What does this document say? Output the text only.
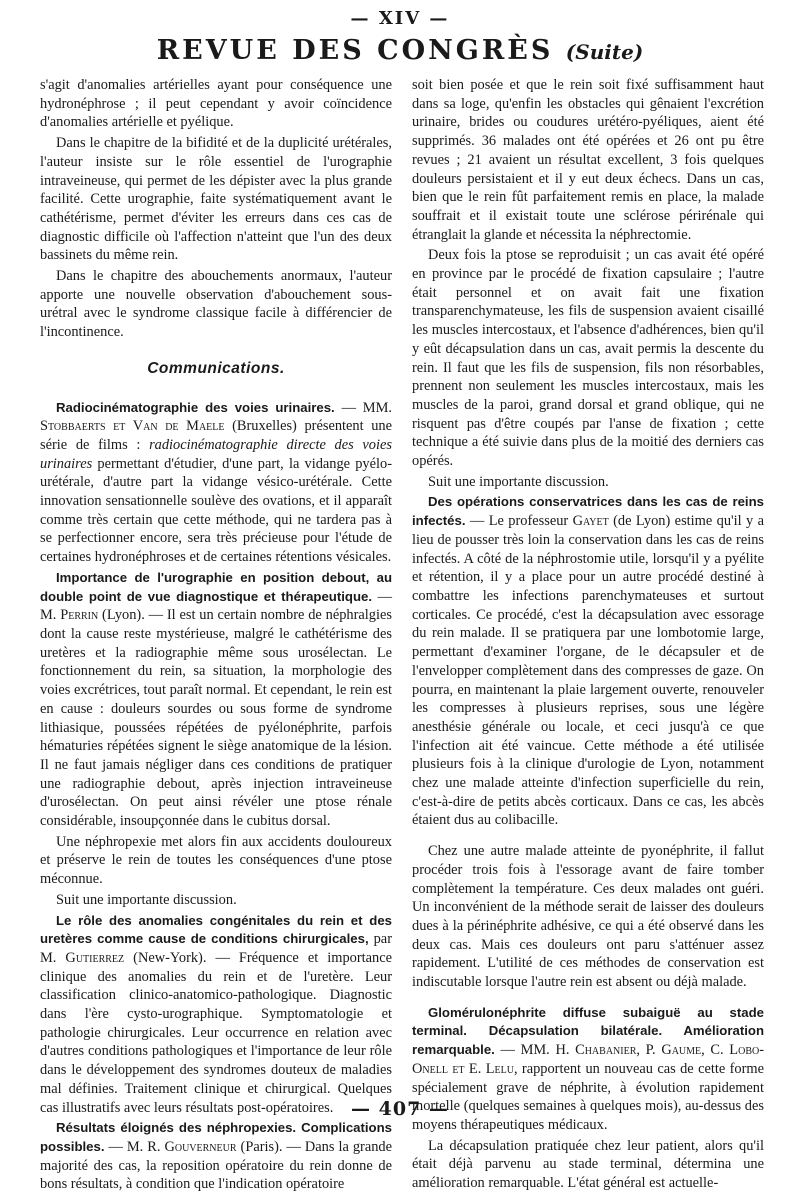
— XIV —
REVUE DES CONGRÈS (Suite)

s'agit d'anomalies artérielles ayant pour conséquence une hydronéphrose ; il peut cependant y avoir coïncidence d'anomalies artérielle et pyélique.

Dans le chapitre de la bifidité et de la duplicité urétérales, l'auteur insiste sur le rôle essentiel de l'urographie intraveineuse, qui permet de les dépister avec la plus grande facilité. Cette urographie, faite systématiquement avant le cathétérisme, permet d'éviter les erreurs dans ces cas de diagnostic difficile où l'affection n'atteint que l'un des deux bassinets du même rein.

Dans le chapitre des abouchements anormaux, l'auteur apporte une nouvelle observation d'abouchement sous-urétral avec le syndrome classique facile à différencier de l'incontinence.

Communications.

Radiocinématographie des voies urinaires. — MM. Stobbaerts et Van de Maele (Bruxelles) présentent une série de films : radiocinématographie directe des voies urinaires permettant d'étudier, d'une part, la vidange pyélo-urétérale, d'autre part la vidange vésico-urétérale. Cette innovation sensationnelle soulève des ovations, et il apparaît comme très certain que cette méthode, qui ne tardera pas à se perfectionner encore, sera très précieuse pour l'étude de certaines hydronéphroses et de certaines rétentions vésicales.

Importance de l'urographie en position debout, au double point de vue diagnostique et thérapeutique. — M. Perrin (Lyon). — Il est un certain nombre de néphralgies dont la cause reste mystérieuse, malgré le cathétérisme des uretères et la radiographie même sous urosélectan. Le fonctionnement du rein, sa situation, la morphologie des voies excrétrices, tout paraît normal. Et cependant, le rein est en cause : douleurs sourdes ou sous forme de syndrome lithiasique, poussées répétées de pyélonéphrite, parfois hématuries répétées signent le siège anatomique de la lésion. Il ne faut jamais négliger dans ces conditions de pratiquer une radiographie debout, après injection intraveineuse d'urosélectan. On peut ainsi révéler une ptose rénale considérable, insoupçonnée dans le cubitus dorsal.

Une néphropexie met alors fin aux accidents douloureux et préserve le rein de toutes les conséquences d'une ptose méconnue.

Suit une importante discussion.

Le rôle des anomalies congénitales du rein et des uretères comme cause de conditions chirurgicales, par M. Gutierrez (New-York). — Fréquence et importance clinique des anomalies du rein et de l'uretère. Leur classification clinico-anatomico-pathologique. Diagnostic dans l'ère cysto-urographique. Symptomatologie et pathologie chirurgicales. Leur occurrence en relation avec d'autres conditions pathologiques et l'importance de leur rôle dans le développement des syndromes douteux de maladies mal définies. Traitement clinique et chirurgical. Quelques cas illustratifs avec leurs résultats post-opératoires.

Résultats éloignés des néphropexies. Complications possibles. — M. R. Gouverneur (Paris). — Dans la grande majorité des cas, la reposition opératoire du rein donne de bons résultats, à condition que l'indication opératoire

soit bien posée et que le rein soit fixé suffisamment haut dans sa loge, qu'enfin les obstacles qui gênaient l'excrétion urinaire, brides ou coudures urétéro-pyéliques, aient été supprimés. 36 malades ont été opérées et 26 ont pu être revues ; 21 avaient un résultat excellent, 3 fois quelques douleurs persistaient et il y eut deux échecs. Dans un cas, bien que le rein fût parfaitement remis en place, la malade souffrait et il existait toute une sclérose périrénale qui étranglait la glande et nécessita la néphrectomie.

Deux fois la ptose se reproduisit ; un cas avait été opéré en province par le procédé de fixation capsulaire ; l'autre était personnel et on avait fait une fixation transparenchymateuse, les fils de suspension avaient cisaillé les muscles intercostaux, et l'absence d'adhérences, bien qu'il y eût décapsulation dans un cas, avait permis la descente du rein. Il faut que les fils de suspension, fils non résorbables, prennent non seulement les muscles intercostaux, mais les muscles de la paroi, grand dorsal et grand oblique, qui ne risquent pas d'être coupés par l'anse de fixation ; cette technique a été suivie dans plus de la moitié des derniers cas opérés.

Suit une importante discussion.

Des opérations conservatrices dans les cas de reins infectés. — Le professeur Gayet (de Lyon) estime qu'il y a lieu de pousser très loin la conservation dans les cas de reins infectés. A côté de la néphrostomie utile, lorsqu'il y a pyélite et rétention, il y a place pour un autre procédé destiné à combattre les infections parenchymateuses et surtout corticales. Ce procédé, c'est la décapsulation avec essorage du rein malade. Il se pratiquera par une lombotomie large, permettant d'examiner l'organe, de le décapsuler et de l'envelopper complètement dans des compresses de gaze. On pourra, en maintenant la plaie largement ouverte, renouveler les compresses à plusieurs reprises, sous une légère anesthésie générale ou locale, et ceci jusqu'à ce que l'infection ait été vaincue. Cette méthode a été utilisée plusieurs fois à la clinique d'urologie de Lyon, notamment chez une malade atteinte d'infection superficielle du rein, c'est-à-dire de petits abcès corticaux. Dans ce cas, les abcès étaient dus au colibacille.

Chez une autre malade atteinte de pyonéphrite, il fallut procéder trois fois à l'essorage avant de faire tomber complètement la température. Ces deux malades ont guéri. Un inconvénient de la méthode serait de laisser des douleurs dues à la périnéphrite adhésive, ce qui a été observé dans les deux cas. Mais ces douleurs ont paru s'atténuer assez rapidement. L'utilité de ces méthodes de conservation est indiscutable lorsque l'autre rein est absent ou déjà malade.

Glomérulonéphrite diffuse subaiguë au stade terminal. Décapsulation bilatérale. Amélioration remarquable. — MM. H. Chabanier, P. Gaume, C. Lobo-Onell et E. Lelu, rapportent un nouveau cas de cette forme spécialement grave de néphrite, à évolution rapidement mortelle (quelques semaines à quelques mois), au-dessus des moyens thérapeutiques médicaux.

La décapsulation pratiquée chez leur patient, alors qu'il était déjà parvenu au stade terminal, détermina une amélioration remarquable. L'état général est actuelle-

— 407 —
